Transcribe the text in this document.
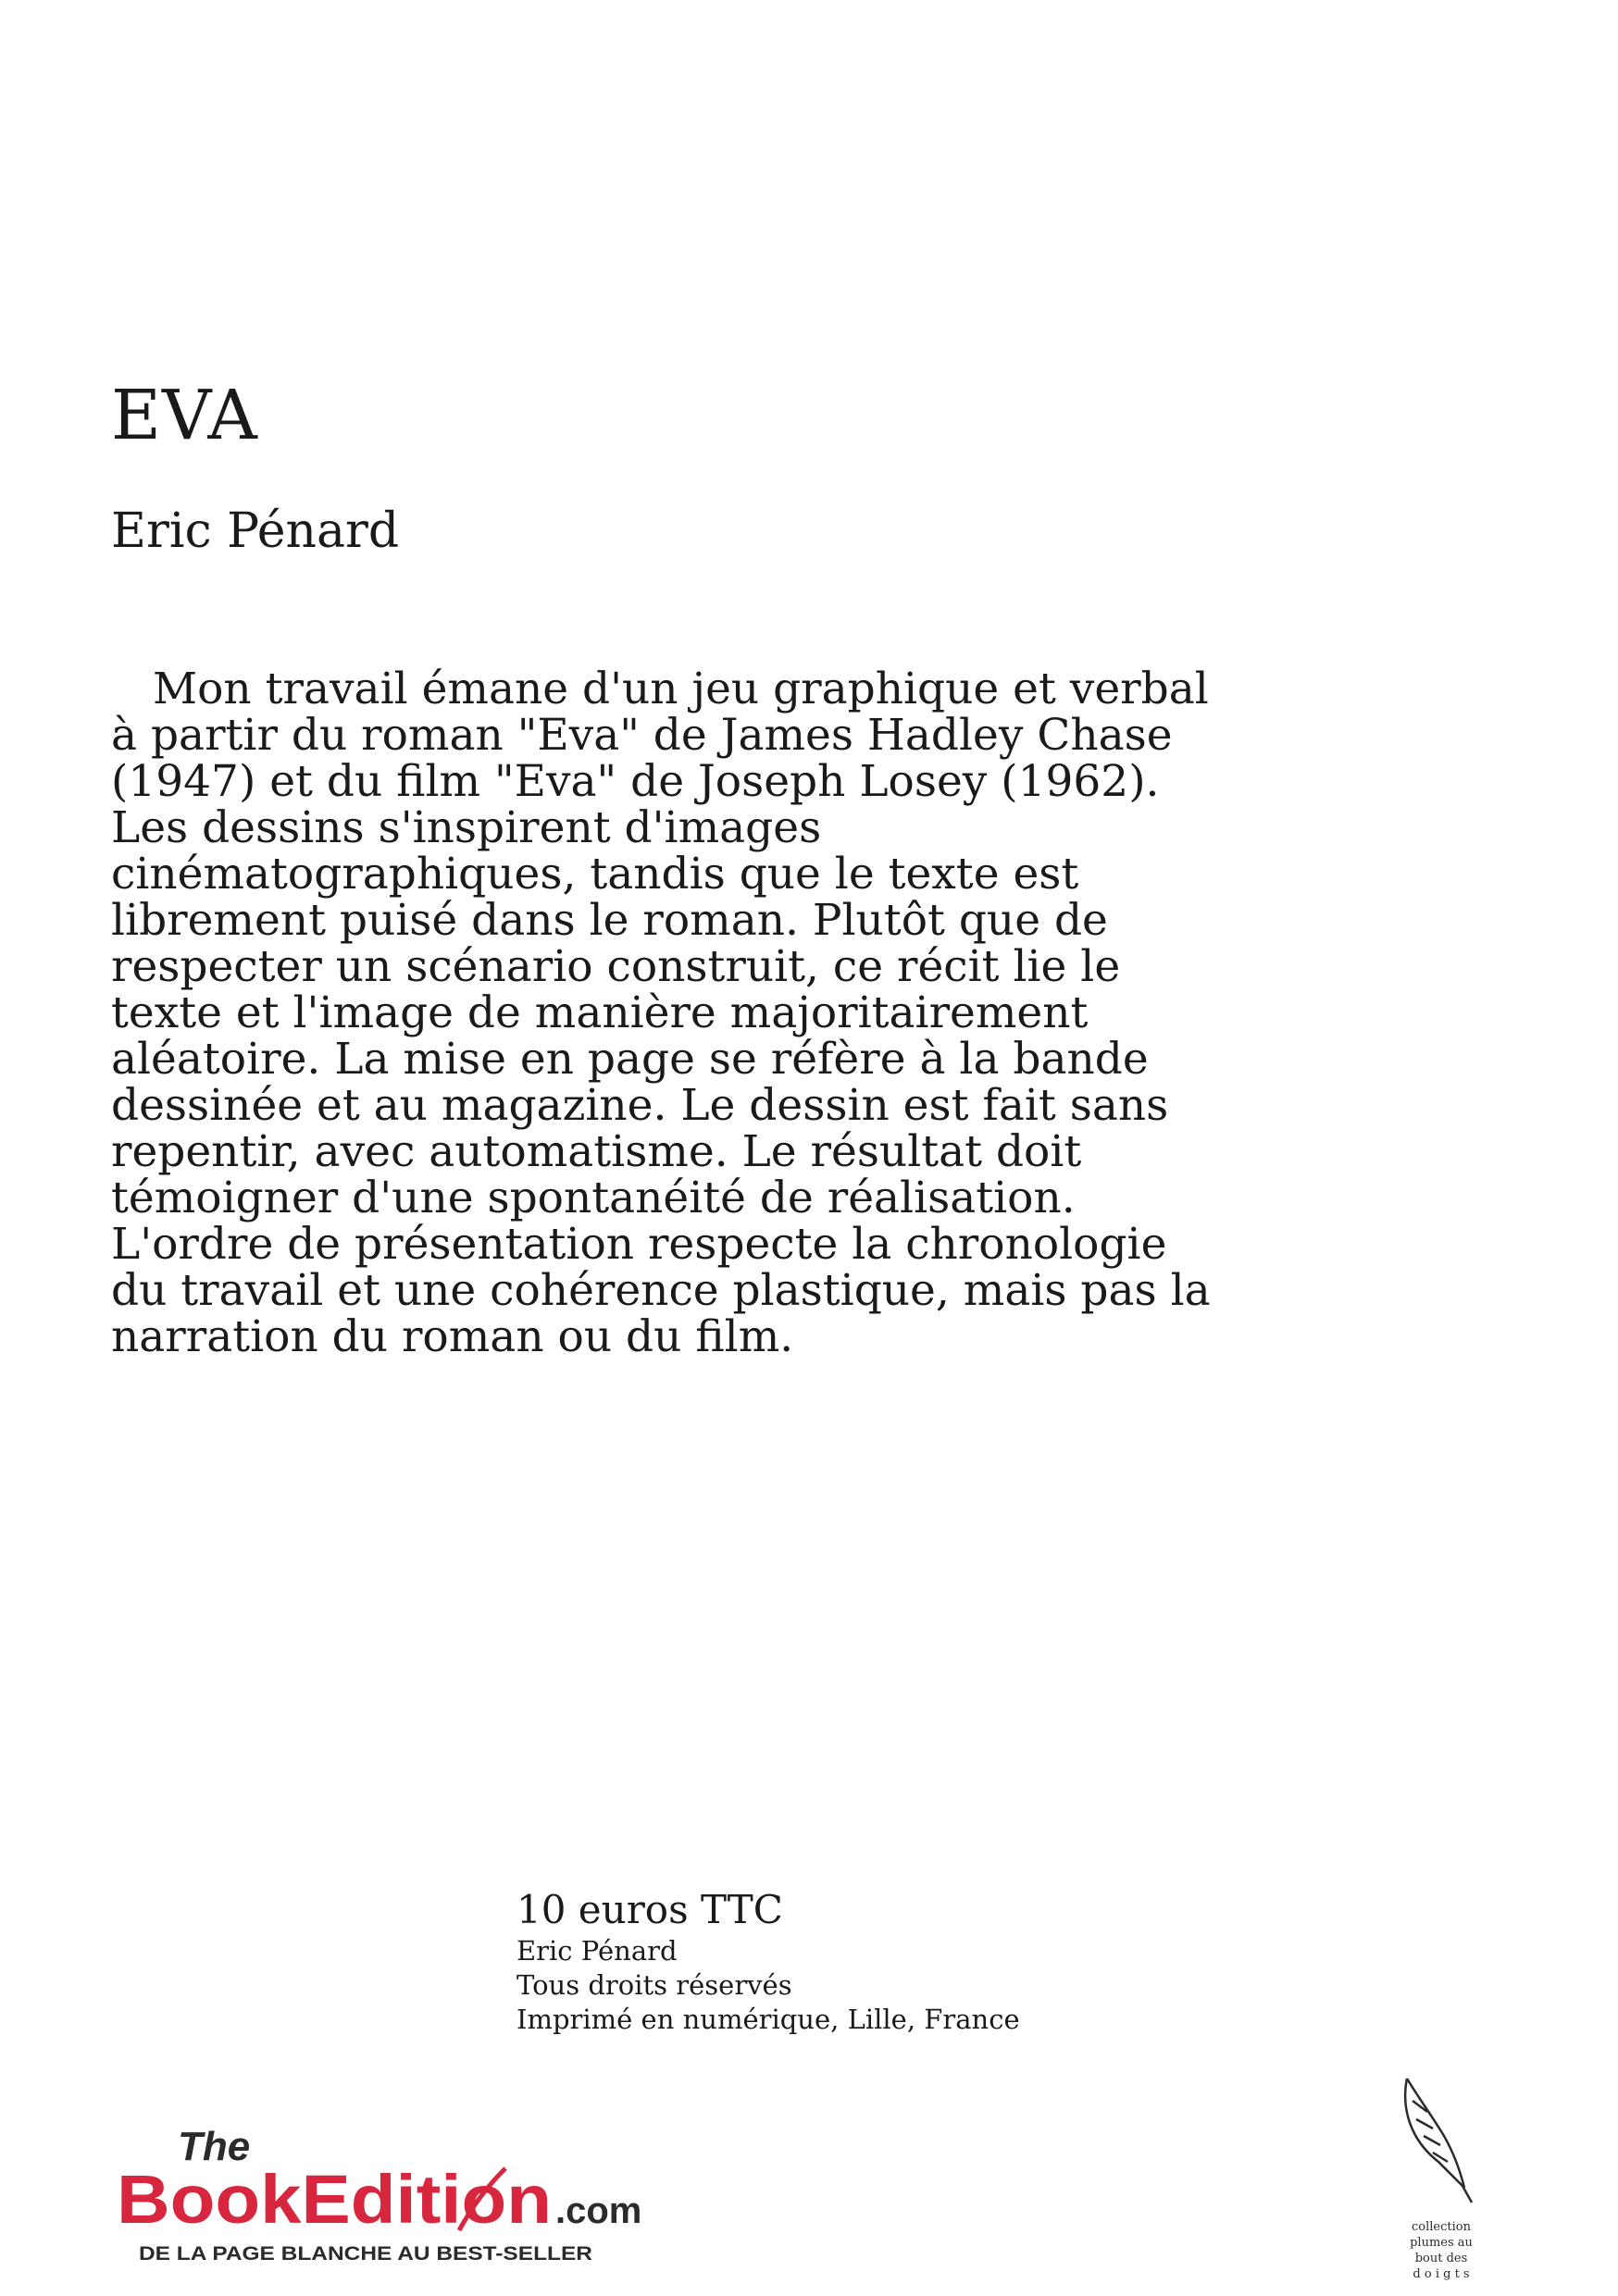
EVA

Eric Pénard

Mon travail émane d'un jeu graphique et verbal à partir du roman "Eva" de James Hadley Chase (1947) et du film "Eva" de Joseph Losey (1962). Les dessins s'inspirent d'images cinématographiques, tandis que le texte est librement puisé dans le roman. Plutôt que de respecter un scénario construit, ce récit lie le texte et l'image de manière majoritairement aléatoire. La mise en page se réfère à la bande dessinée et au magazine. Le dessin est fait sans repentir, avec automatisme. Le résultat doit témoigner d'une spontanéité de réalisation. L'ordre de présentation respecte la chronologie du travail et une cohérence plastique, mais pas la narration du roman ou du film.

10 euros TTC

Eric Pénard

Tous droits réservés

Imprimé en numérique, Lille, France

The
BookEditi on .com
DE LA PAGE BLANCHE AU BEST-SELLER
collection
plumes au
bout des
d o i g t s
